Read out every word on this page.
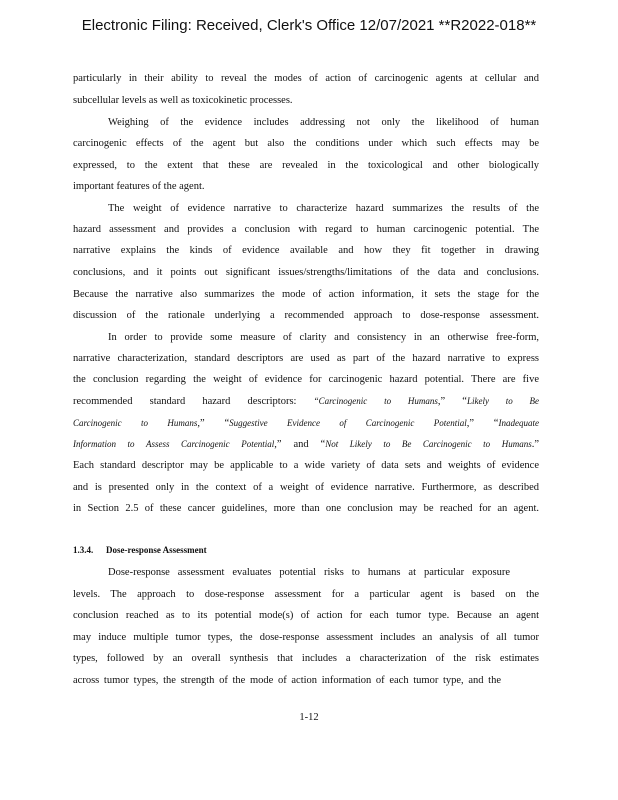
Electronic Filing: Received, Clerk's Office 12/07/2021 **R2022-018**
particularly in their ability to reveal the modes of action of carcinogenic agents at cellular and
subcellular levels as well as toxicokinetic processes.
Weighing of the evidence includes addressing not only the likelihood of human
carcinogenic effects of the agent but also the conditions under which such effects may be
expressed, to the extent that these are revealed in the toxicological and other biologically
important features of the agent.
The weight of evidence narrative to characterize hazard summarizes the results of the
hazard assessment and provides a conclusion with regard to human carcinogenic potential. The
narrative explains the kinds of evidence available and how they fit together in drawing
conclusions, and it points out significant issues/strengths/limitations of the data and conclusions.
Because the narrative also summarizes the mode of action information, it sets the stage for the
discussion of the rationale underlying a recommended approach to dose-response assessment.
In order to provide some measure of clarity and consistency in an otherwise free-form,
narrative characterization, standard descriptors are used as part of the hazard narrative to express
the conclusion regarding the weight of evidence for carcinogenic hazard potential. There are five
recommended standard hazard descriptors: “Carcinogenic to Humans,” “Likely to Be
Carcinogenic to Humans,” “Suggestive Evidence of Carcinogenic Potential,” “Inadequate
Information to Assess Carcinogenic Potential,” and “Not Likely to Be Carcinogenic to Humans.”
Each standard descriptor may be applicable to a wide variety of data sets and weights of evidence
and is presented only in the context of a weight of evidence narrative. Furthermore, as described
in Section 2.5 of these cancer guidelines, more than one conclusion may be reached for an agent.
1.3.4. Dose-response Assessment
Dose-response assessment evaluates potential risks to humans at particular exposure
levels. The approach to dose-response assessment for a particular agent is based on the
conclusion reached as to its potential mode(s) of action for each tumor type. Because an agent
may induce multiple tumor types, the dose-response assessment includes an analysis of all tumor
types, followed by an overall synthesis that includes a characterization of the risk estimates
across tumor types, the strength of the mode of action information of each tumor type, and the
1-12
